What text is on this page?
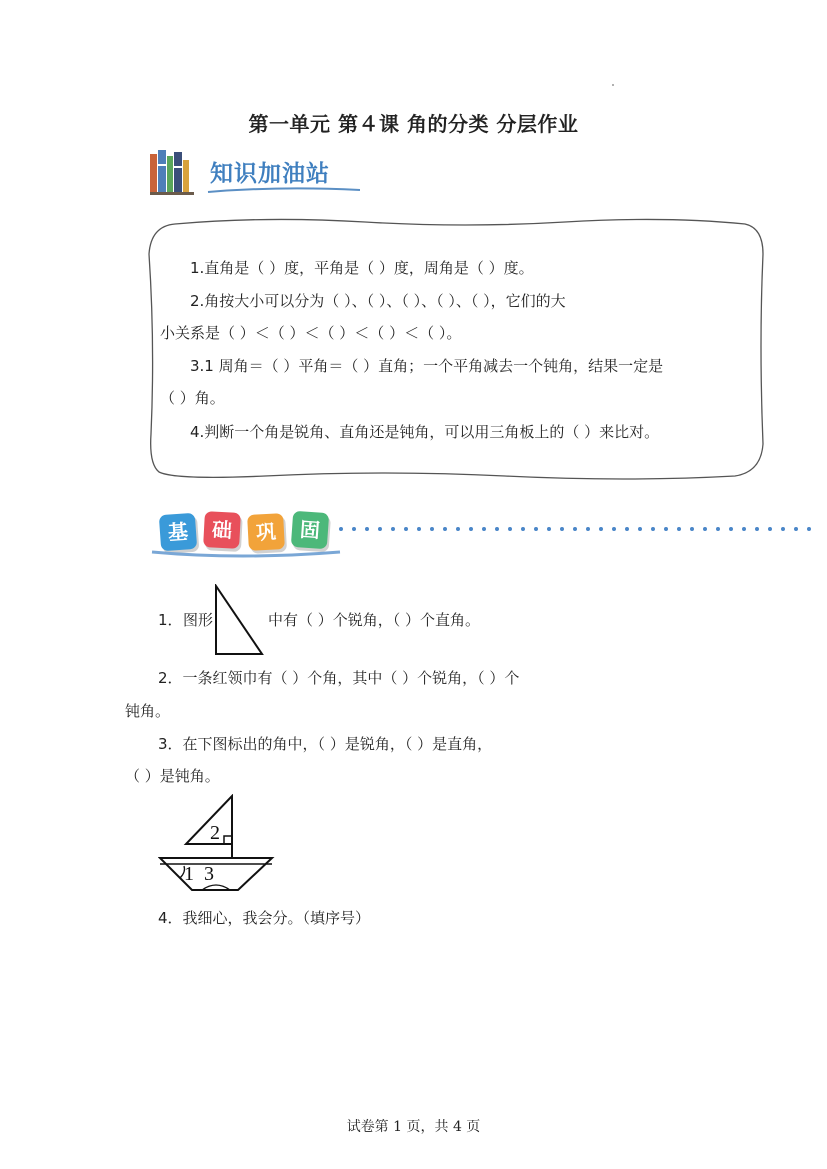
第一单元 第４课 角的分类 分层作业
知识加油站
1.直角是（ ）度，平角是（ ）度，周角是（ ）度。
2.角按大小可以分为（ ）、（ ）、（ ）、（ ）、（ ），它们的大
小关系是（ ）＜（ ）＜（ ）＜（ ）＜（ ）。
3.1 周角＝（ ）平角＝（ ）直角；一个平角减去一个钝角，结果一定是
（ ）角。
4.判断一个角是锐角、直角还是钝角，可以用三角板上的（ ）来比对。
基	础	巩	固
1． 图形	中有（ ）个锐角，（ ）个直角。
2．一条红领巾有（ ）个角，其中（ ）个锐角，（ ）个
钝角。
3．在下图标出的角中，（ ）是锐角，（ ）是直角，
（ ）是钝角。
2
1 3
4．我细心，我会分。（填序号）
试卷第 1 页，共 4 页
